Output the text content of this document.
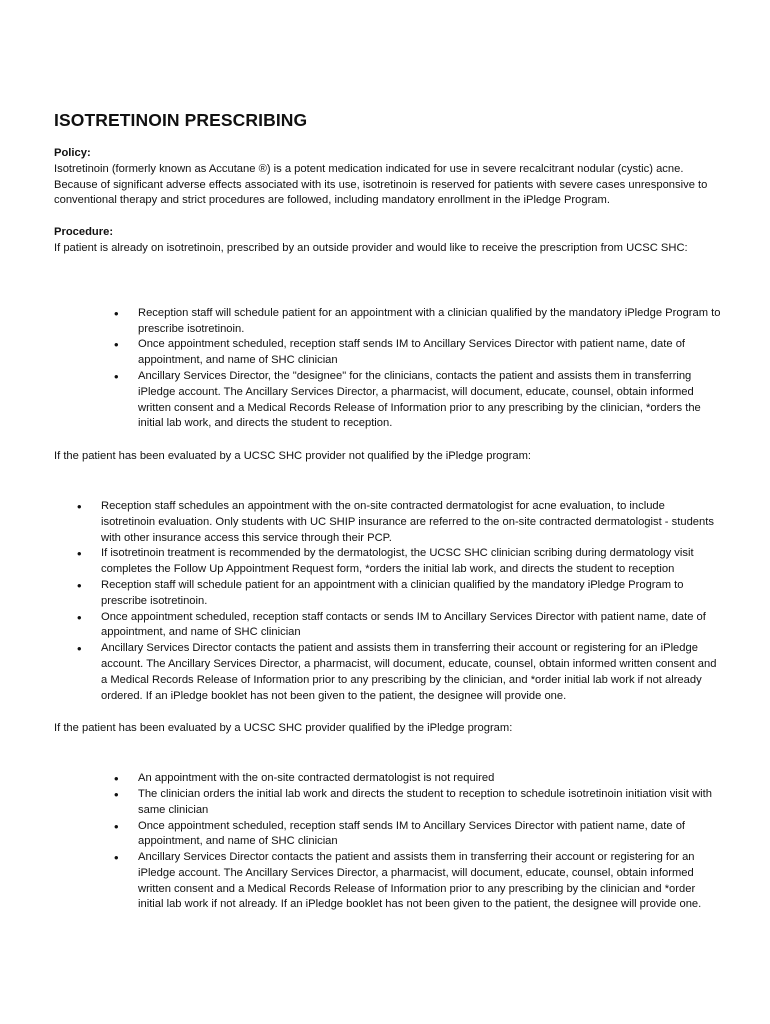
ISOTRETINOIN PRESCRIBING

Policy:

Isotretinoin (formerly known as Accutane ®) is a potent medication indicated for use in severe recalcitrant nodular (cystic) acne. Because of significant adverse effects associated with its use, isotretinoin is reserved for patients with severe cases unresponsive to conventional therapy and strict procedures are followed, including mandatory enrollment in the iPledge Program.

Procedure:

If patient is already on isotretinoin, prescribed by an outside provider and would like to receive the prescription from UCSC SHC:

• Reception staff will schedule patient for an appointment with a clinician qualified by the mandatory iPledge Program to prescribe isotretinoin.
• Once appointment scheduled, reception staff sends IM to Ancillary Services Director with patient name, date of appointment, and name of SHC clinician
• Ancillary Services Director, the "designee" for the clinicians, contacts the patient and assists them in transferring iPledge account. The Ancillary Services Director, a pharmacist, will document, educate, counsel, obtain informed written consent and a Medical Records Release of Information prior to any prescribing by the clinician, *orders the initial lab work, and directs the student to reception.

If the patient has been evaluated by a UCSC SHC provider not qualified by the iPledge program:

• Reception staff schedules an appointment with the on-site contracted dermatologist for acne evaluation, to include isotretinoin evaluation. Only students with UC SHIP insurance are referred to the on-site contracted dermatologist - students with other insurance access this service through their PCP.
• If isotretinoin treatment is recommended by the dermatologist, the UCSC SHC clinician scribing during dermatology visit completes the Follow Up Appointment Request form, *orders the initial lab work, and directs the student to reception
• Reception staff will schedule patient for an appointment with a clinician qualified by the mandatory iPledge Program to prescribe isotretinoin.
• Once appointment scheduled, reception staff contacts or sends IM to Ancillary Services Director with patient name, date of appointment, and name of SHC clinician
• Ancillary Services Director contacts the patient and assists them in transferring their account or registering for an iPledge account. The Ancillary Services Director, a pharmacist, will document, educate, counsel, obtain informed written consent and a Medical Records Release of Information prior to any prescribing by the clinician, and *order initial lab work if not already ordered. If an iPledge booklet has not been given to the patient, the designee will provide one.

If the patient has been evaluated by a UCSC SHC provider qualified by the iPledge program:

• An appointment with the on-site contracted dermatologist is not required
• The clinician orders the initial lab work and directs the student to reception to schedule isotretinoin initiation visit with same clinician
• Once appointment scheduled, reception staff sends IM to Ancillary Services Director with patient name, date of appointment, and name of SHC clinician
• Ancillary Services Director contacts the patient and assists them in transferring their account or registering for an iPledge account. The Ancillary Services Director, a pharmacist, will document, educate, counsel, obtain informed written consent and a Medical Records Release of Information prior to any prescribing by the clinician and *order initial lab work if not already. If an iPledge booklet has not been given to the patient, the designee will provide one.
